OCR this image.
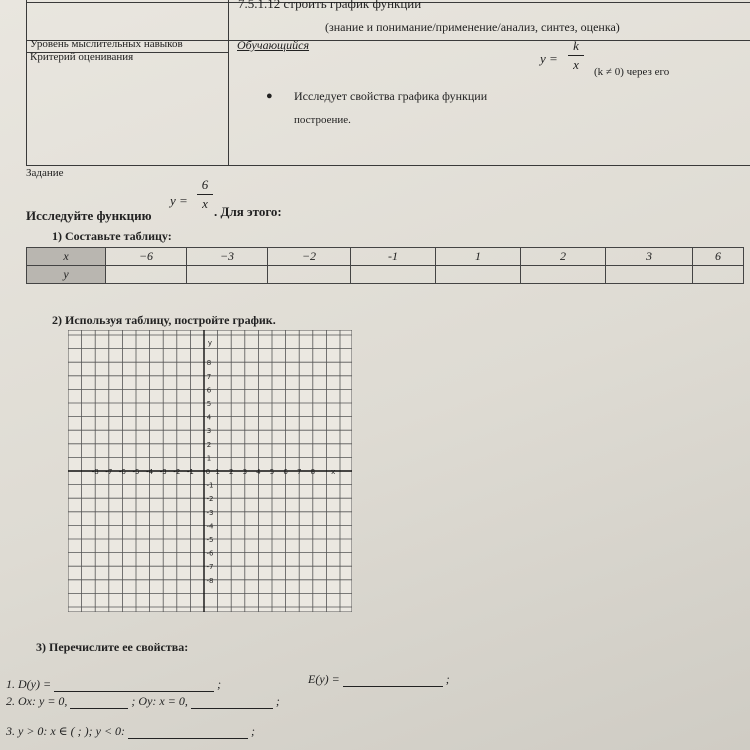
7.5.1.12 строить график функции
(знание и понимание/применение/анализ, синтез, оценка)
Уровень мыслительных навыков
Критерий оценивания
Обучающийся
y =
k
x	(k ≠ 0) через его
● Исследует свойства графика функции
построение.
Задание
y =
6
x
Исследуйте функцию	. Для этого:
1) Составьте таблицу:
x	−6	−3	−2	-1	1	2	3	6
y								
2) Используя таблицу, постройте график.
-8 -7 -6 -5 -4 -3 -2 -1	1 2 3 4 5 6 7 8
8
7
6
5
4
3
2
1
-1
-2
-3
-4
-5
-6
-7
-8
0	x
y
3) Перечислите ее свойства:
1. D(y) =	;	E(y) =	;
2. Ox: y = 0,	; Oy: x = 0,	;
3. y > 0: x ∈ ( ; ); y < 0:	;
